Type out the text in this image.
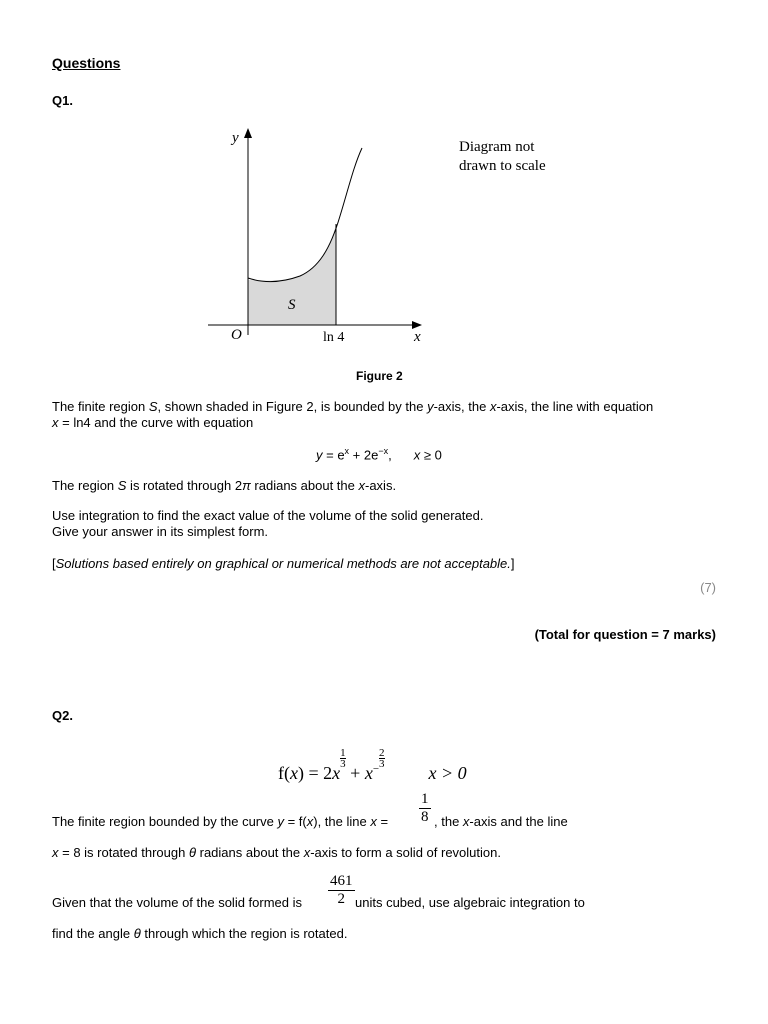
Questions
Q1.
y
x
O
S
ln 4
Diagram not
drawn to scale
Figure 2
The finite region S, shown shaded in Figure 2, is bounded by the y-axis, the x-axis, the line with equation
x = ln4 and the curve with equation
$y = e^x + 2e^{-x}$, x ≥ 0
The region S is rotated through 2π radians about the x-axis.
Use integration to find the exact value of the volume of the solid generated.
Give your answer in its simplest form.
[Solutions based entirely on graphical or numerical methods are not acceptable.]
(7)
(Total for question = 7 marks)
Q2.
f(x) = 2x
$\frac{1}{3}$
+ $x- \frac{2}{3}$
x > 0
The finite region bounded by the curve y = f(x), the line $x = \frac{1}{8}$ , the x-axis and the line
x = 8 is rotated through θ radians about the x-axis to form a solid of revolution.
Given that the volume of the solid formed is $\frac{461}{2}$ units cubed, use algebraic integration to
find the angle θ through which the region is rotated.
